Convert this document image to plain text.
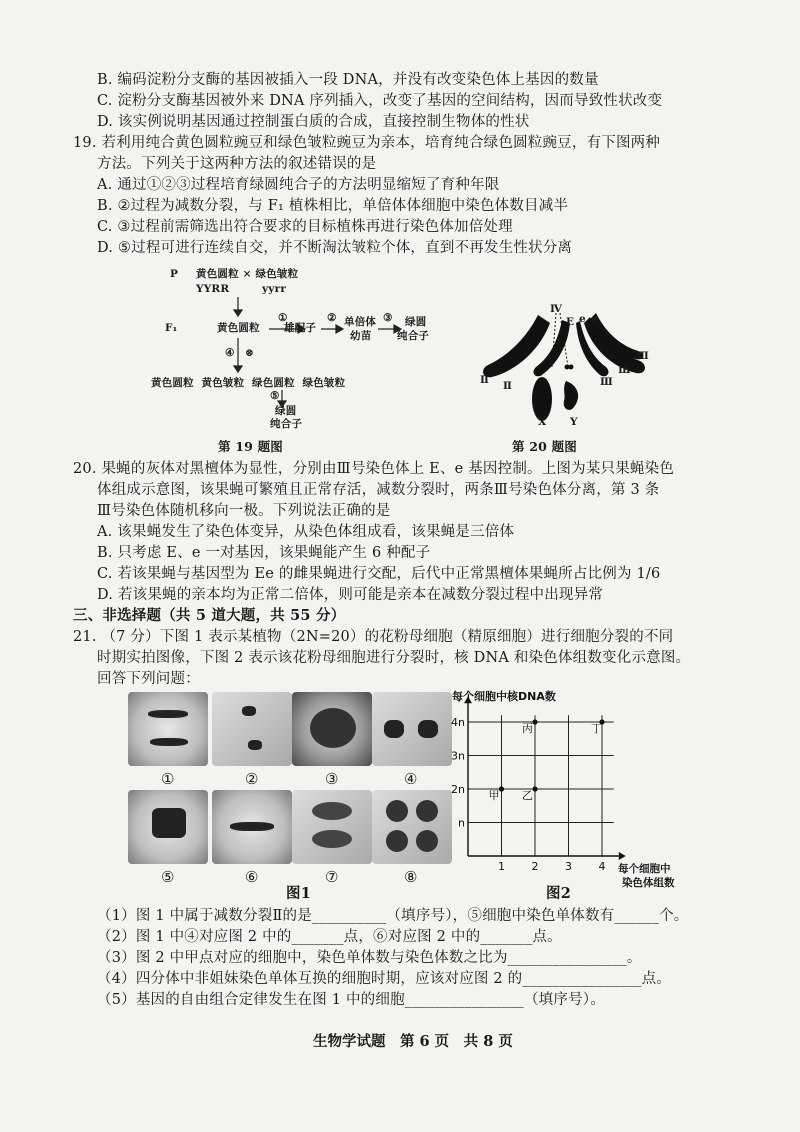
B. 编码淀粉分支酶的基因被插入一段 DNA，并没有改变染色体上基因的数量
C. 淀粉分支酶基因被外来 DNA 序列插入，改变了基因的空间结构，因而导致性状改变
D. 该实例说明基因通过控制蛋白质的合成，直接控制生物体的性状
19. 若利用纯合黄色圆粒豌豆和绿色皱粒豌豆为亲本，培育纯合绿色圆粒豌豆，有下图两种
方法。下列关于这两种方法的叙述错误的是
A. 通过①②③过程培育绿圆纯合子的方法明显缩短了育种年限
B. ②过程为减数分裂，与 F₁ 植株相比，单倍体体细胞中染色体数目减半
C. ③过程前需筛选出符合要求的目标植株再进行染色体加倍处理
D. ⑤过程可进行连续自交，并不断淘汰皱粒个体，直到不再发生性状分离
P 黄色圆粒 × 绿色皱粒
YYRR	yyrr
①	②	③
F₁	黄色圆粒 雄配子	单倍体
幼苗
绿圆
纯合子
④ ⊗
黄色圆粒  黄色皱粒  绿色圆粒  绿色皱粒
⑤
绿圆
纯合子
第 19 题图
Ⅳ
E e e
Ⅲ
Ⅲ
Ⅲ
Ⅱ Ⅱ
X Y
第 20 题图
20. 果蝇的灰体对黑檀体为显性，分别由Ⅲ号染色体上 E、e 基因控制。上图为某只果蝇染色
体组成示意图，该果蝇可繁殖且正常存活，减数分裂时，两条Ⅲ号染色体分离，第 3 条
Ⅲ号染色体随机移向一极。下列说法正确的是
A. 该果蝇发生了染色体变异，从染色体组成看，该果蝇是三倍体
B. 只考虑 E、e 一对基因，该果蝇能产生 6 种配子
C. 若该果蝇与基因型为 Ee 的雌果蝇进行交配，后代中正常黑檀体果蝇所占比例为 1/6
D. 若该果蝇的亲本均为正常二倍体，则可能是亲本在减数分裂过程中出现异常
三、非选择题（共 5 道大题，共 55 分）
21. （7 分）下图 1 表示某植物（2N=20）的花粉母细胞（精原细胞）进行细胞分裂的不同
时期实拍图像，下图 2 表示该花粉母细胞进行分裂时，核 DNA 和染色体组数变化示意图。
回答下列问题：
①	②	③	④
⑤	⑥	⑦	⑧
图1
每个细胞中核DNA数
每个细胞中
染色体组数
1 2 3 4
n
2n
3n
4n
甲 乙
丙	丁
图2
（1）图 1 中属于减数分裂Ⅱ的是__________（填序号），⑤细胞中染色单体数有______个。
（2）图 1 中④对应图 2 中的_______点，⑥对应图 2 中的_______点。
（3）图 2 中甲点对应的细胞中，染色单体数与染色体数之比为________________。
（4）四分体中非姐妹染色单体互换的细胞时期，应该对应图 2 的________________点。
（5）基因的自由组合定律发生在图 1 中的细胞________________（填序号）。
生物学试题　第 6 页　共 8 页
